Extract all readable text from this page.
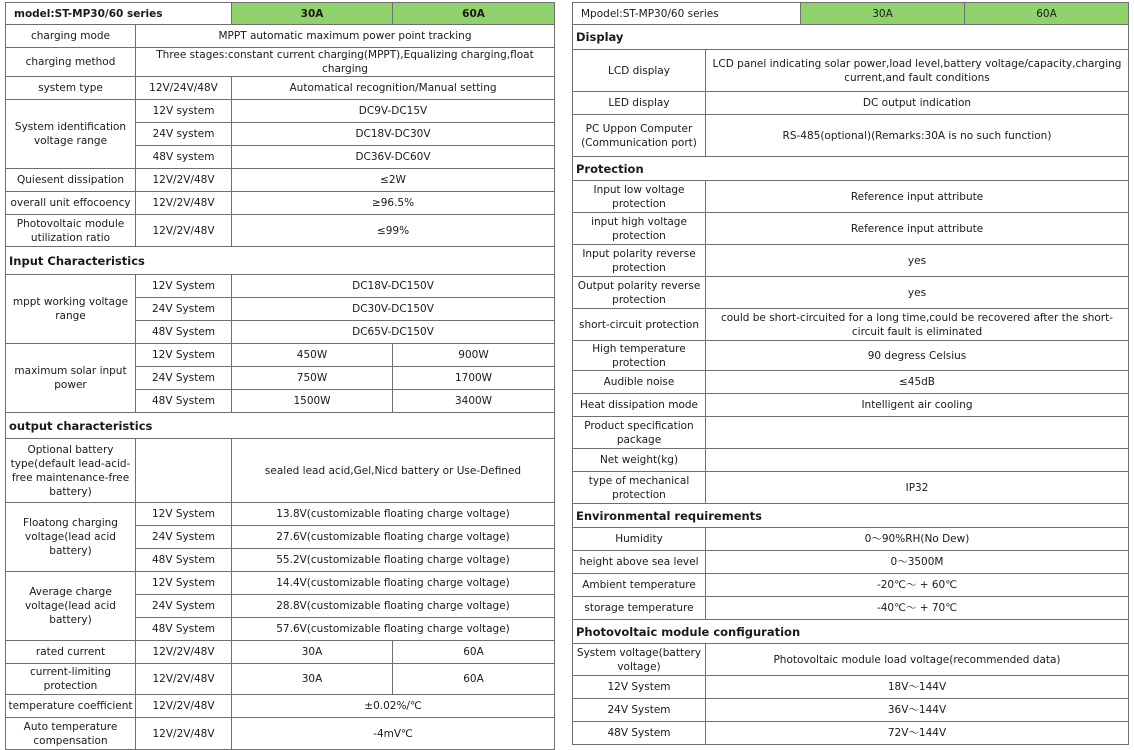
model:ST-MP30/60 series		30A	60A
charging mode	MPPT automatic maximum power point tracking		
charging method	Three stages:constant current charging(MPPT),Equalizing charging,float charging		
system type	12V/24V/48V	Automatical recognition/Manual setting	
System identification voltage range	12V system	DC9V-DC15V	
	24V system	DC18V-DC30V	
	48V system	DC36V-DC60V	
Quiesent dissipation	12V/2V/48V	≤2W	
overall unit effocoency	12V/2V/48V	≥96.5%	
Photovoltaic module utilization ratio	12V/2V/48V	≤99%	
Input Characteristics			
mppt working voltage range	12V System	DC18V-DC150V	
	24V System	DC30V-DC150V	
	48V System	DC65V-DC150V	
maximum solar input power	12V System	450W	900W
	24V System	750W	1700W
	48V System	1500W	3400W
output characteristics			
Optional battery type(default lead-acid-free maintenance-free battery)		sealed lead acid,Gel,Nicd battery or Use-Defined	
Floatong charging voltage(lead acid battery)	12V System	13.8V(customizable floating charge voltage)	
	24V System	27.6V(customizable floating charge voltage)	
	48V System	55.2V(customizable floating charge voltage)	
Average charge voltage(lead acid battery)	12V System	14.4V(customizable floating charge voltage)	
	24V System	28.8V(customizable floating charge voltage)	
	48V System	57.6V(customizable floating charge voltage)	
rated current	12V/2V/48V	30A	60A
current-limiting protection	12V/2V/48V	30A	60A
temperature coefficient	12V/2V/48V	±0.02%/℃	
Auto temperature compensation	12V/2V/48V	-4mV℃	
Mpodel:ST-MP30/60 series		30A	60A
Display			
LCD display	LCD panel indicating solar power,load level,battery voltage/capacity,charging current,and fault conditions		
LED display	DC output indication		
PC Uppon Computer (Communication port)	RS-485(optional)(Remarks:30A is no such function)		
Protection			
Input low voltage protection	Reference input attribute		
input high voltage protection	Reference input attribute		
Input polarity reverse protection	yes		
Output polarity reverse protection	yes		
short-circuit protection	could be short-circuited for a long time,could be recovered after the short-circuit fault is eliminated		
High temperature protection	90 degress Celsius		
Audible noise	≤45dB		
Heat dissipation mode	Intelligent air cooling		
Product specification package			
Net weight(kg)			
type of mechanical protection	IP32		
Environmental requirements			
Humidity	0～90%RH(No Dew)		
height above sea level	0～3500M		
Ambient temperature	-20℃～ + 60℃		
storage temperature	-40℃～ + 70℃		
Photovoltaic module configuration			
System voltage(battery voltage)	Photovoltaic module load voltage(recommended data)		
12V System	18V～144V		
24V System	36V～144V		
48V System	72V～144V		
